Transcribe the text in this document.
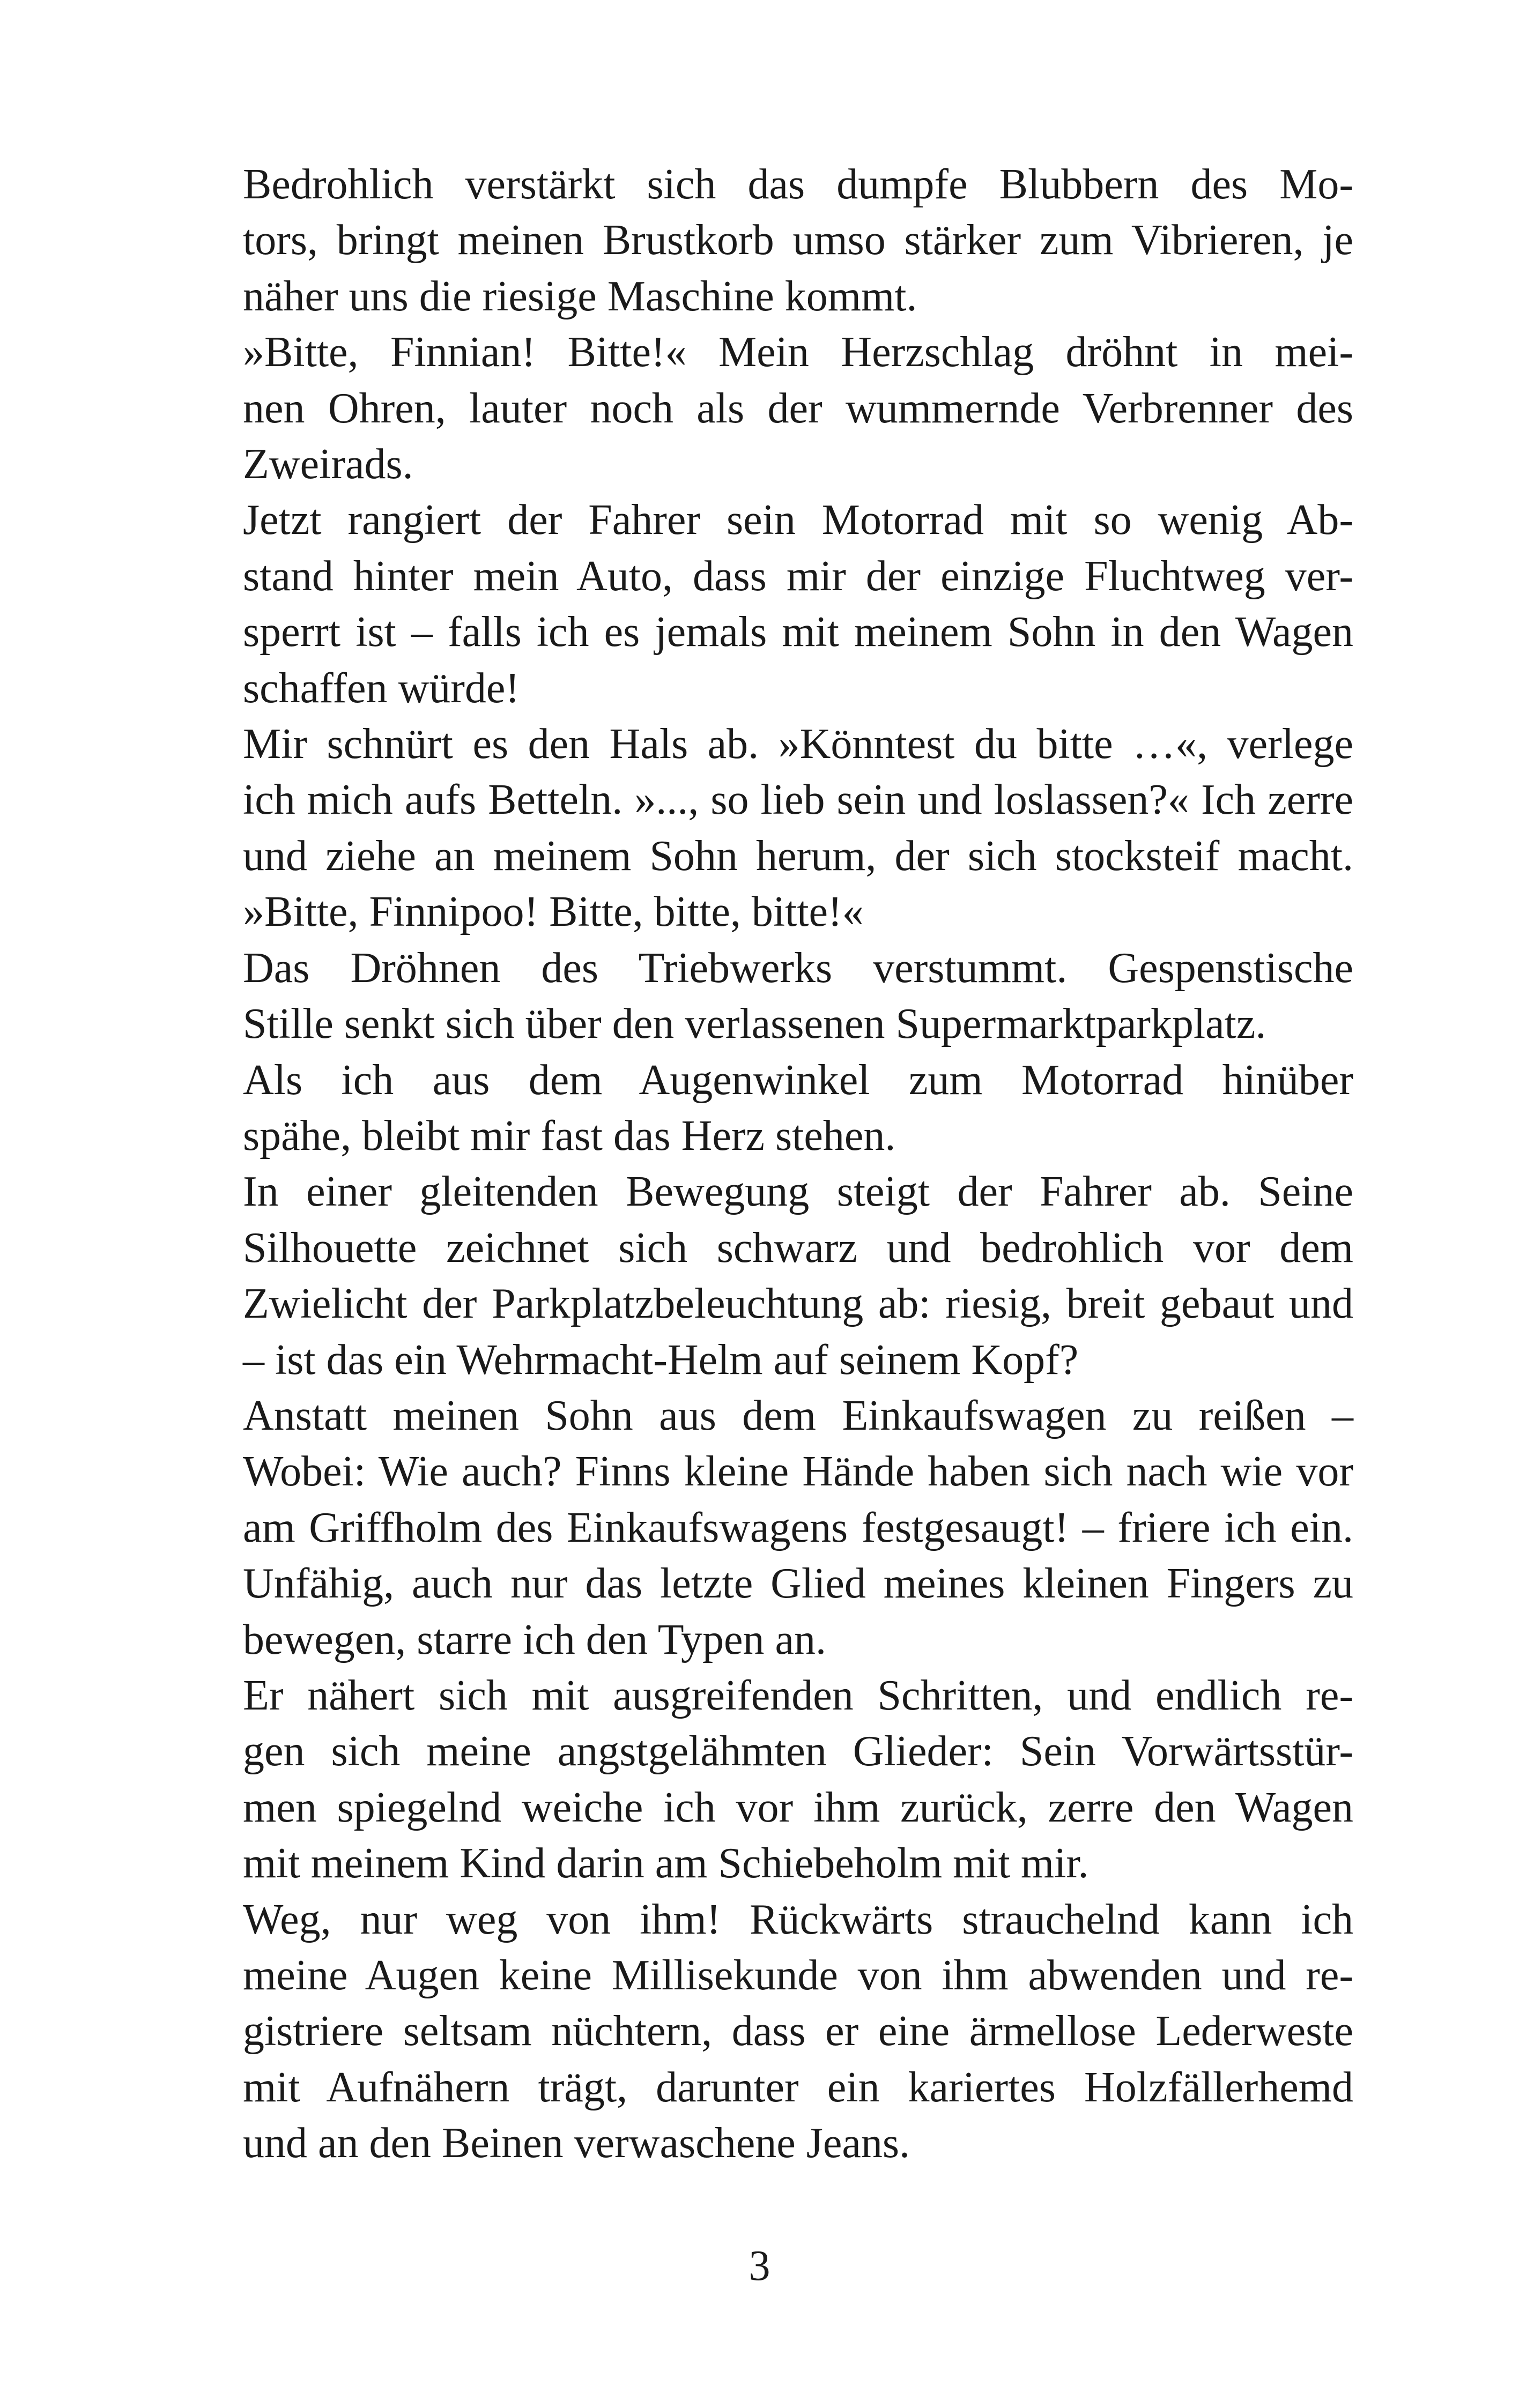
Bedrohlich verstärkt sich das dumpfe Blubbern des Mo-
tors, bringt meinen Brustkorb umso stärker zum Vibrieren, je
näher uns die riesige Maschine kommt.

»Bitte, Finnian! Bitte!« Mein Herzschlag dröhnt in mei-
nen Ohren, lauter noch als der wummernde Verbrenner des
Zweirads.

Jetzt rangiert der Fahrer sein Motorrad mit so wenig Ab-
stand hinter mein Auto, dass mir der einzige Fluchtweg ver-
sperrt ist – falls ich es jemals mit meinem Sohn in den Wagen
schaffen würde!

Mir schnürt es den Hals ab. »Könntest du bitte …«, verlege
ich mich aufs Betteln. »..., so lieb sein und loslassen?« Ich zerre
und ziehe an meinem Sohn herum, der sich stocksteif macht.
»Bitte, Finnipoo! Bitte, bitte, bitte!«

Das Dröhnen des Triebwerks verstummt. Gespenstische
Stille senkt sich über den verlassenen Supermarktparkplatz.

Als ich aus dem Augenwinkel zum Motorrad hinüber
spähe, bleibt mir fast das Herz stehen.

In einer gleitenden Bewegung steigt der Fahrer ab. Seine
Silhouette zeichnet sich schwarz und bedrohlich vor dem
Zwielicht der Parkplatzbeleuchtung ab: riesig, breit gebaut und
– ist das ein Wehrmacht-Helm auf seinem Kopf?

Anstatt meinen Sohn aus dem Einkaufswagen zu reißen –
Wobei: Wie auch? Finns kleine Hände haben sich nach wie vor
am Griffholm des Einkaufswagens festgesaugt! – friere ich ein.
Unfähig, auch nur das letzte Glied meines kleinen Fingers zu
bewegen, starre ich den Typen an.

Er nähert sich mit ausgreifenden Schritten, und endlich re-
gen sich meine angstgelähmten Glieder: Sein Vorwärtsstür-
men spiegelnd weiche ich vor ihm zurück, zerre den Wagen
mit meinem Kind darin am Schiebeholm mit mir.

Weg, nur weg von ihm! Rückwärts strauchelnd kann ich
meine Augen keine Millisekunde von ihm abwenden und re-
gistriere seltsam nüchtern, dass er eine ärmellose Lederweste
mit Aufnähern trägt, darunter ein kariertes Holzfällerhemd
und an den Beinen verwaschene Jeans.

3
